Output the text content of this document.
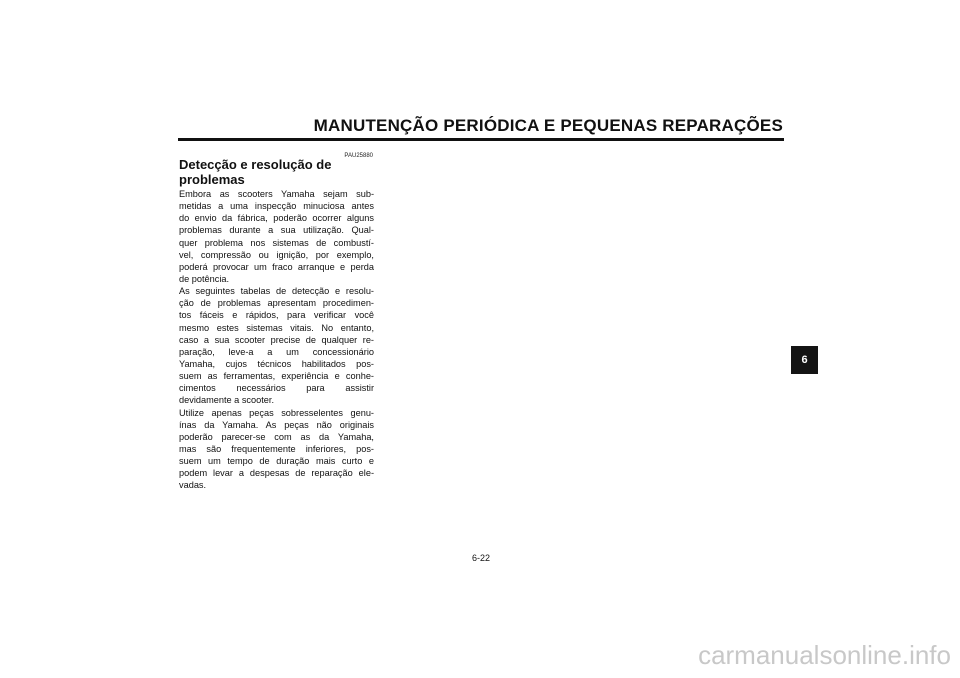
MANUTENÇÃO PERIÓDICA E PEQUENAS REPARAÇÕES
PAU25880
Detecção e resolução de
problemas
Embora as scooters Yamaha sejam sub-
metidas a uma inspecção minuciosa antes
do envio da fábrica, poderão ocorrer alguns
problemas durante a sua utilização. Qual-
quer problema nos sistemas de combustí-
vel, compressão ou ignição, por exemplo,
poderá provocar um fraco arranque e perda
de potência.
As seguintes tabelas de detecção e resolu-
ção de problemas apresentam procedimen-
tos fáceis e rápidos, para verificar você
mesmo estes sistemas vitais. No entanto,
caso a sua scooter precise de qualquer re-
paração, leve-a a um concessionário
Yamaha, cujos técnicos habilitados pos-
suem as ferramentas, experiência e conhe-
cimentos necessários para assistir
devidamente a scooter.
Utilize apenas peças sobresselentes genu-
ínas da Yamaha. As peças não originais
poderão parecer-se com as da Yamaha,
mas são frequentemente inferiores, pos-
suem um tempo de duração mais curto e
podem levar a despesas de reparação ele-
vadas.
6
6-22
carmanualsonline.info
